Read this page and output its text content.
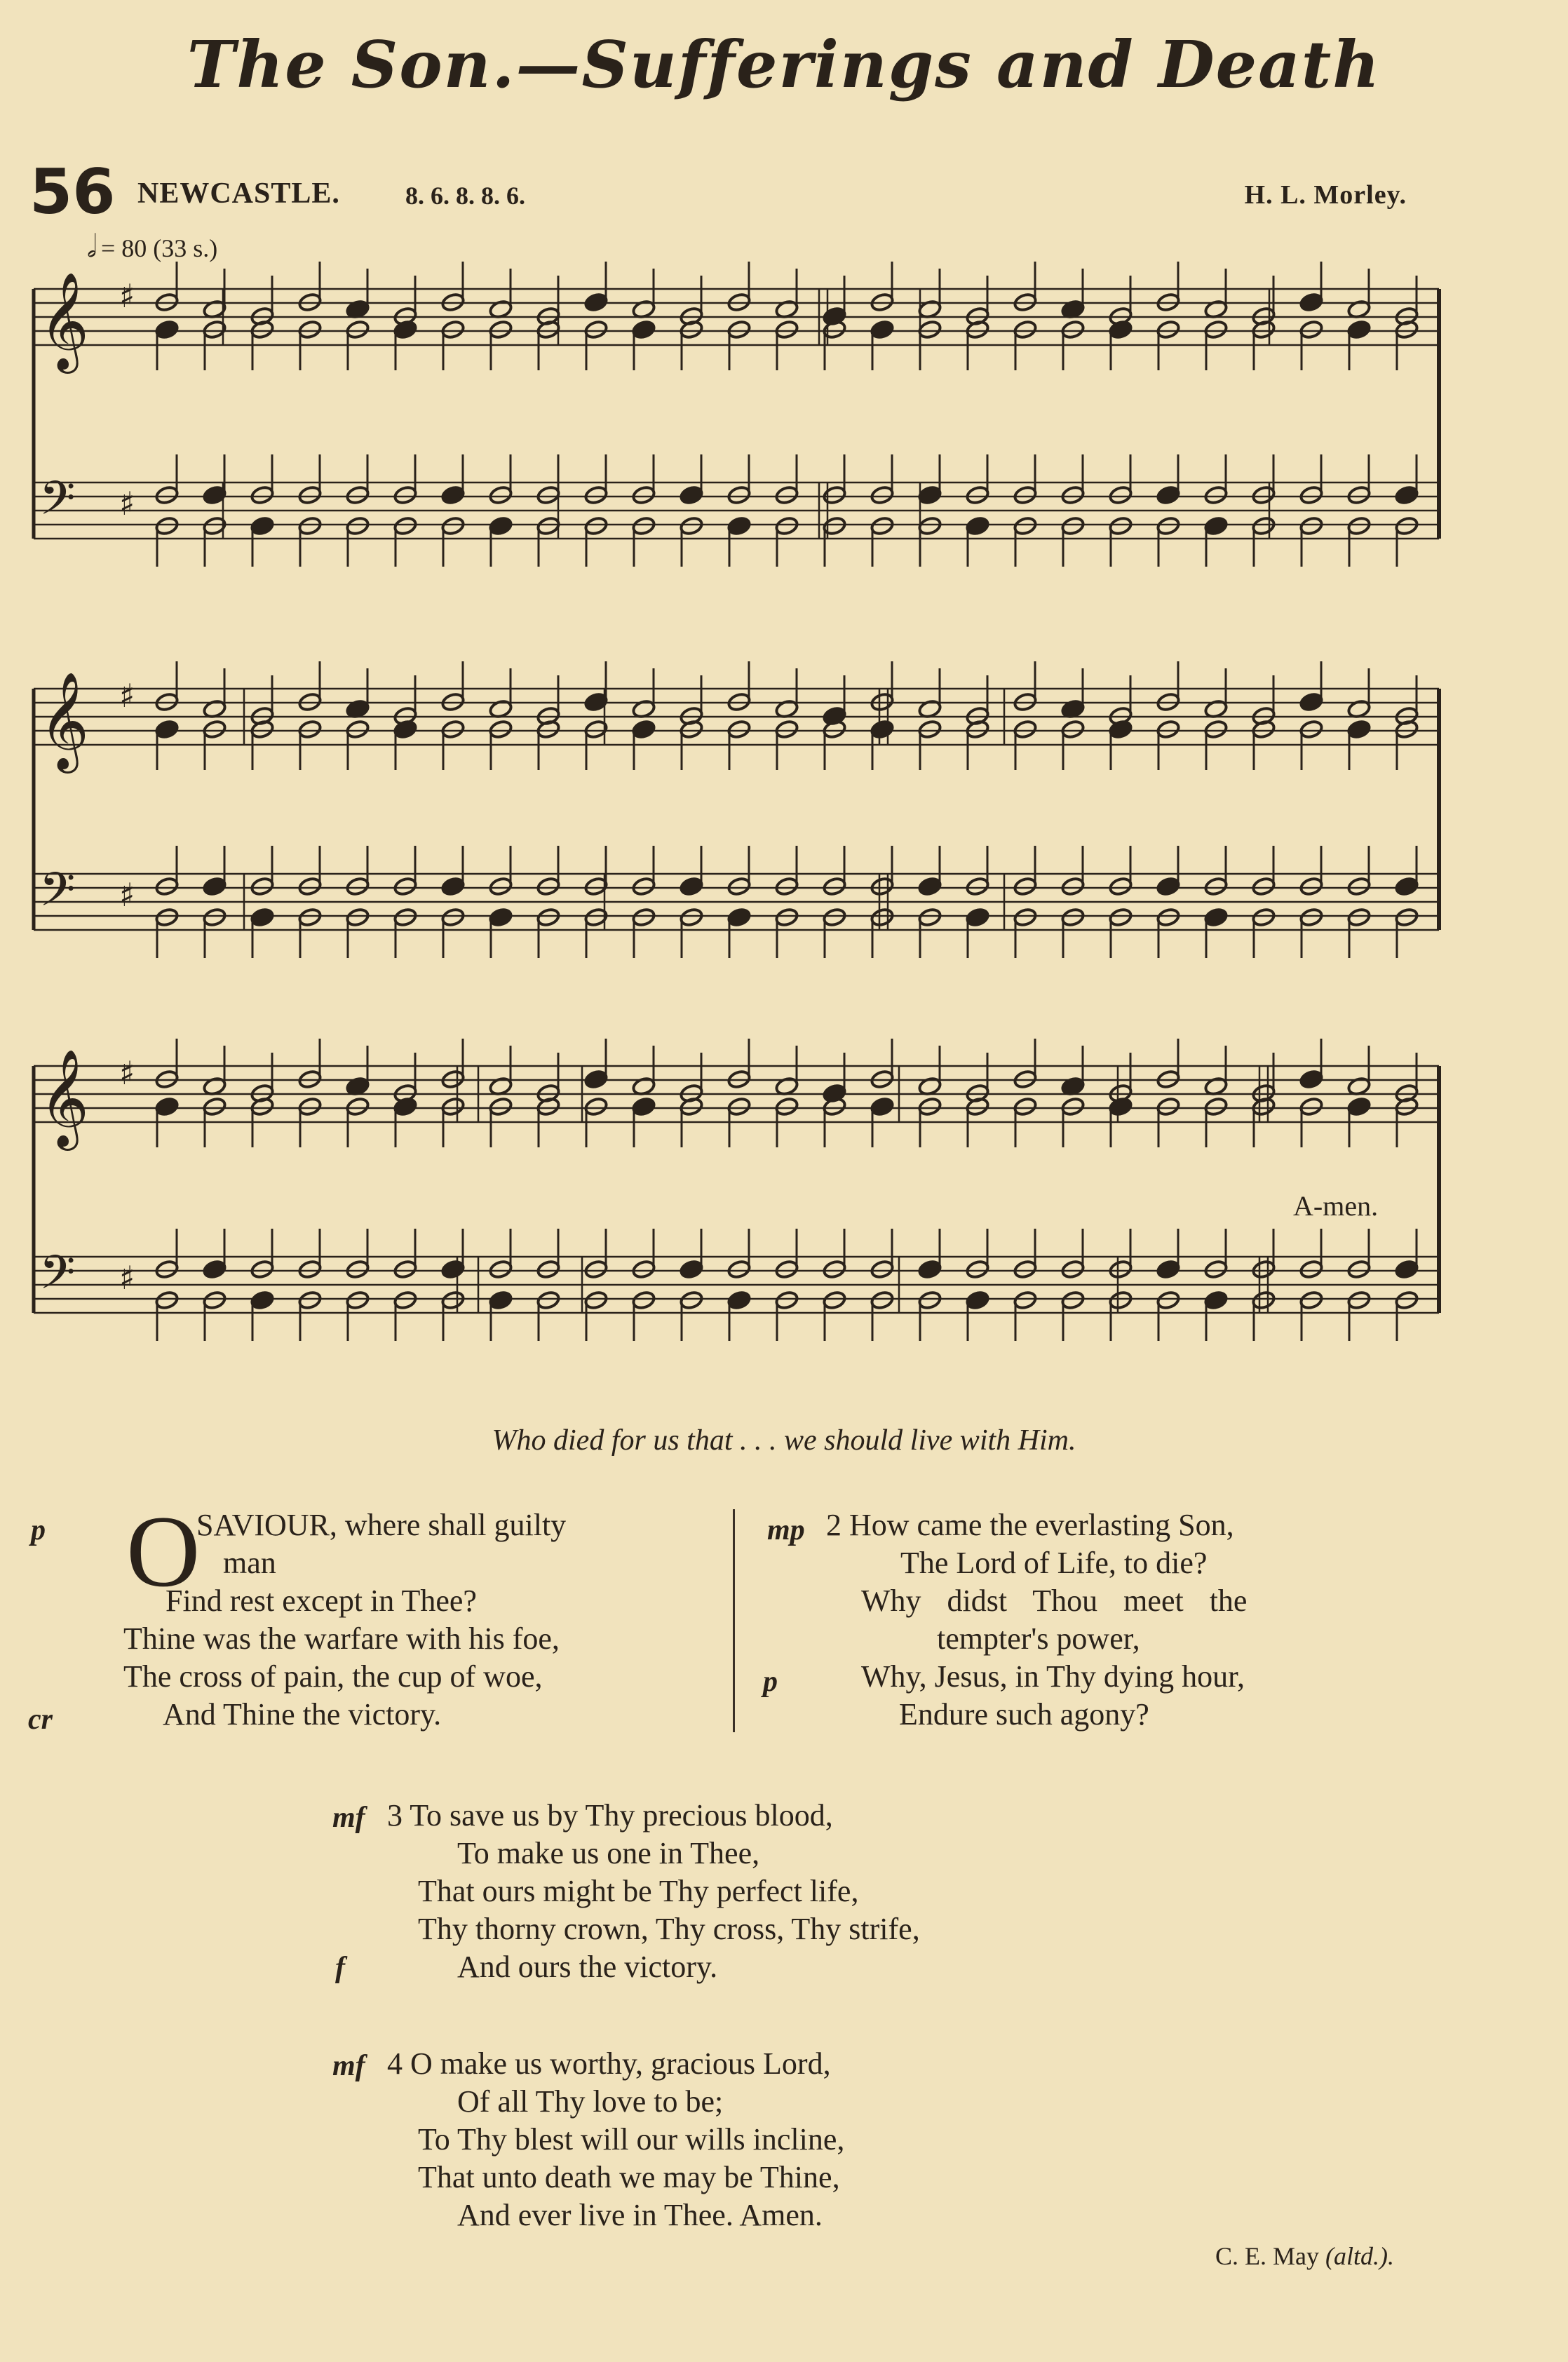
The Son.—Sufferings and Death
56 NEWCASTLE.	8. 6. 8. 8. 6.	H. L. Morley.
𝅗𝅥 = 80 (33 s.)
𝄞 ♯
𝄢 ♯
𝄞 ♯
𝄢 ♯
𝄞 ♯
𝄢 ♯
A-men.
Who died for us that . . . we should live with Him.
p
cr
O
SAVIOUR, where shall guilty
man
Find rest except in Thee?
Thine was the warfare with his foe,
The cross of pain, the cup of woe,
And Thine the victory.
mp
p
2 How came the everlasting Son,
The Lord of Life, to die?
Why didst Thou meet the
tempter's power,
Why, Jesus, in Thy dying hour,
Endure such agony?
mf
f
3 To save us by Thy precious blood,
To make us one in Thee,
That ours might be Thy perfect life,
Thy thorny crown, Thy cross, Thy strife,
And ours the victory.
mf 4 O make us worthy, gracious Lord,
Of all Thy love to be;
To Thy blest will our wills incline,
That unto death we may be Thine,
And ever live in Thee. Amen.
C. E. May (altd.).
